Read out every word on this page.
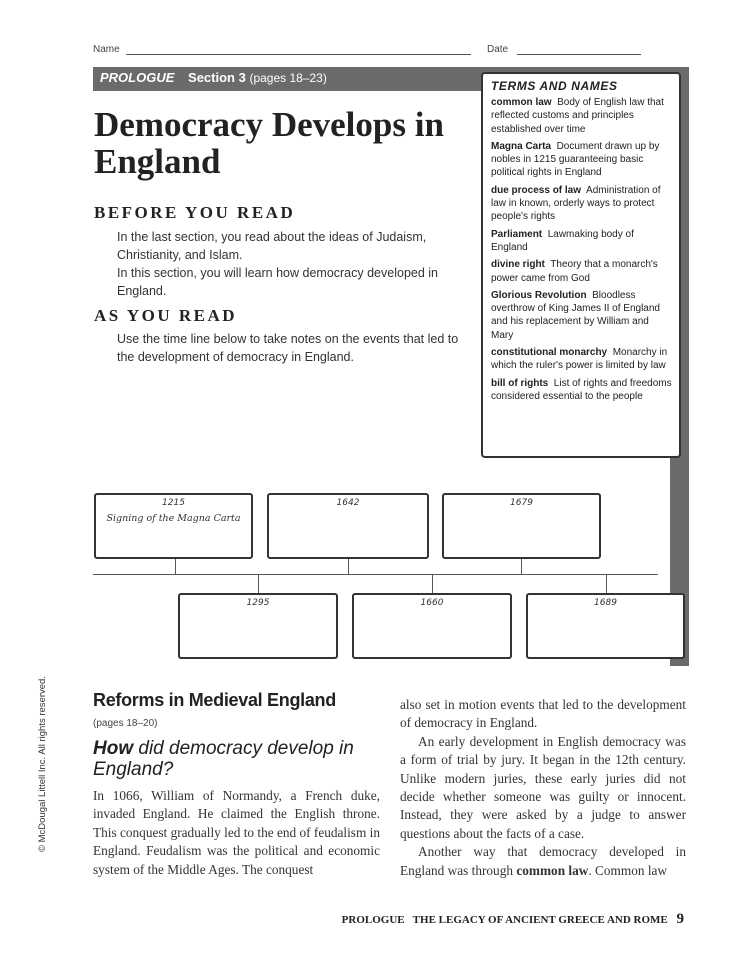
Name	Date
PROLOGUE Section 3 (pages 18–23)
Democracy Develops in England
BEFORE YOU READ
In the last section, you read about the ideas of Judaism, Christianity, and Islam.
In this section, you will learn how democracy developed in England.
AS YOU READ
Use the time line below to take notes on the events that led to the development of democracy in England.
TERMS AND NAMES
common law Body of English law that reflected customs and principles established over time
Magna Carta Document drawn up by nobles in 1215 guaranteeing basic political rights in England
due process of law Administration of law in known, orderly ways to protect people's rights
Parliament Lawmaking body of England
divine right Theory that a monarch's power came from God
Glorious Revolution Bloodless overthrow of King James II of England and his replacement by William and Mary
constitutional monarchy Monarchy in which the ruler's power is limited by law
bill of rights List of rights and freedoms considered essential to the people
1215
Signing of the Magna Carta
1642	1679
1295	1660	1689
Reforms in Medieval England
(pages 18–20)
How did democracy develop in England?

In 1066, William of Normandy, a French duke, invaded England. He claimed the English throne. This conquest gradually led to the end of feudalism in England. Feudalism was the political and economic system of the Middle Ages. The conquest

also set in motion events that led to the development of democracy in England.

An early development in English democracy was a form of trial by jury. It began in the 12th century. Unlike modern juries, these early juries did not decide whether someone was guilty or innocent. Instead, they were asked by a judge to answer questions about the facts of a case.

Another way that democracy developed in England was through common law. Common law

© McDougal Littell Inc. All rights reserved.
PROLOGUE   THE LEGACY OF ANCIENT GREECE AND ROME 9
